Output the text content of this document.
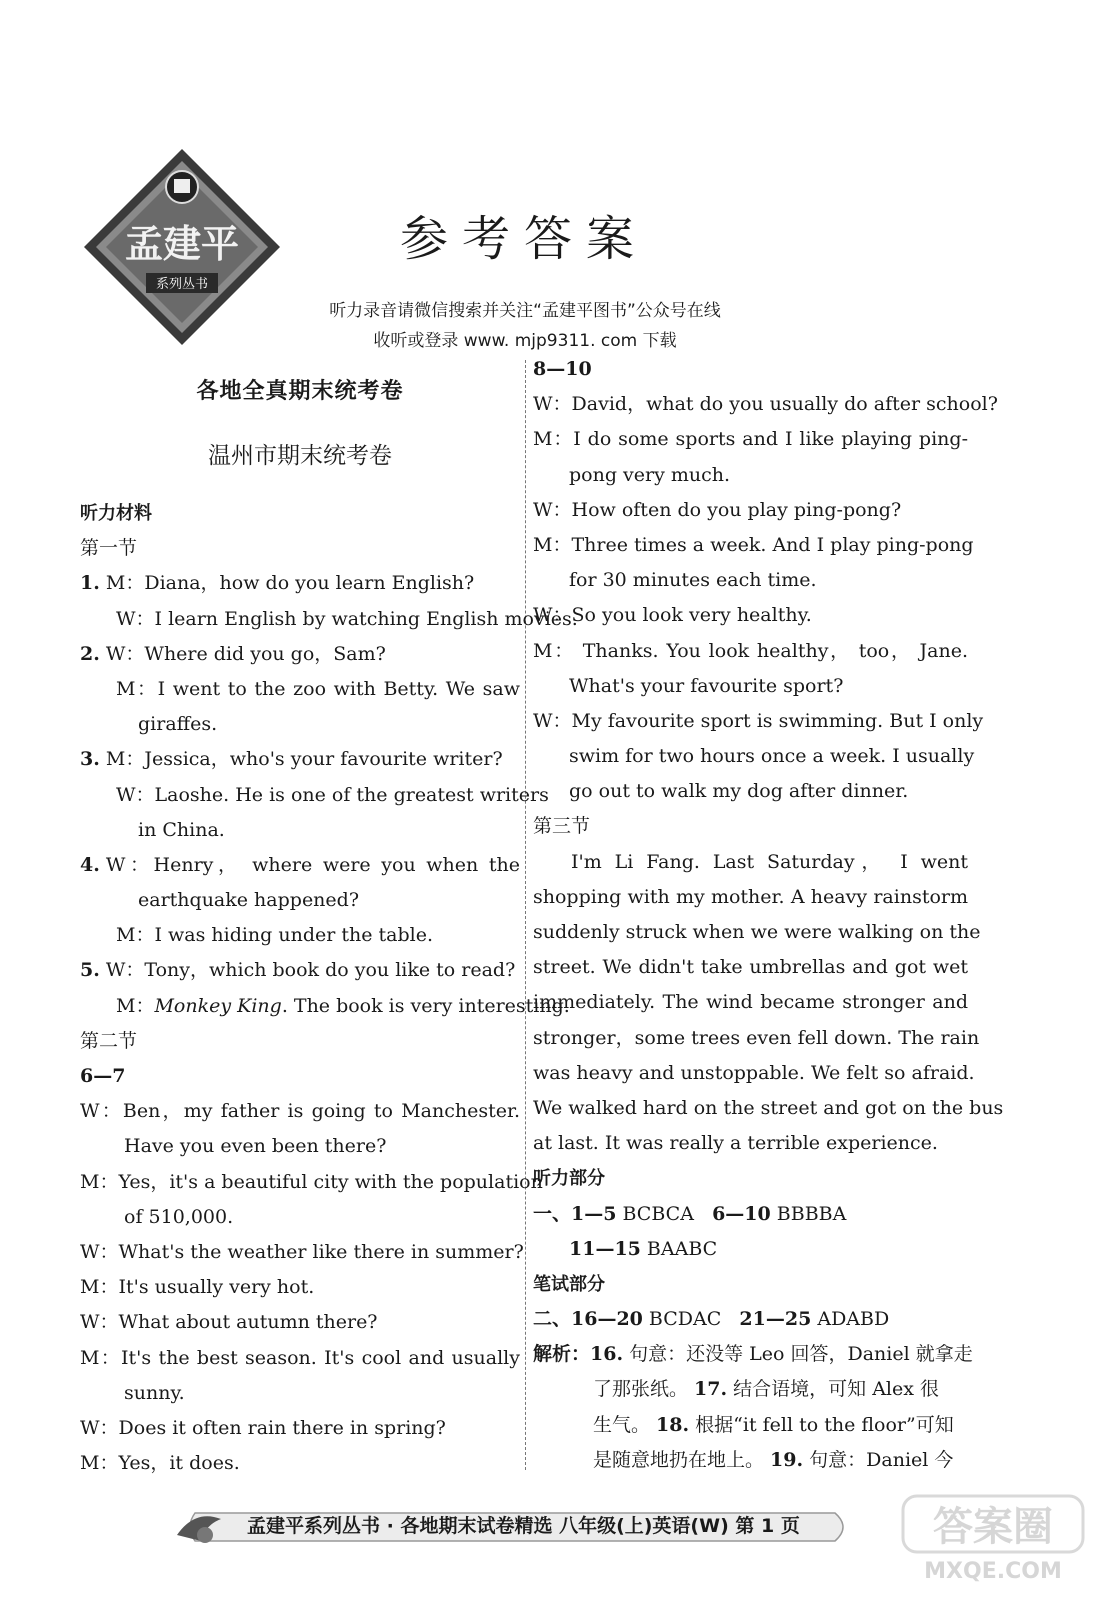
孟建平
系列丛书
参考答案
听力录音请微信搜索并关注“孟建平图书”公众号在线
收听或登录 www. mjp9311. com 下载
各地全真期末统考卷
温州市期末统考卷
听力材料
第一节
1. M：Diana，how do you learn English?
W：I learn English by watching English movies.
2. W：Where did you go，Sam?
M：I went to the zoo with Betty. We saw
giraffes.
3. M：Jessica，who's your favourite writer?
W：Laoshe. He is one of the greatest writers
in China.
4.
W：Henry， where were you when the
earthquake happened?
M：I was hiding under the table.
5. W：Tony，which book do you like to read?
M：Monkey King. The book is very interesting.
第二节
6—7
W：Ben，my father is going to Manchester.
Have you even been there?
M：Yes，it's a beautiful city with the population
of 510,000.
W：What's the weather like there in summer?
M：It's usually very hot.
W：What about autumn there?
M：It's the best season. It's cool and usually
sunny.
W：Does it often rain there in spring?
M：Yes，it does.
8—10
W：David，what do you usually do after school?
M：I do some sports and I like playing ping-
pong very much.
W：How often do you play ping-pong?
M：Three times a week. And I play ping-pong
for 30 minutes each time.
W：So you look very healthy.
M： Thanks. You look healthy， too， Jane.
What's your favourite sport?
W：My favourite sport is swimming. But I only
swim for two hours once a week. I usually
go out to walk my dog after dinner.
第三节
I'm Li Fang. Last Saturday， I went
shopping with my mother. A heavy rainstorm
suddenly struck when we were walking on the
street. We didn't take umbrellas and got wet
immediately. The wind became stronger and
stronger，some trees even fell down. The rain
was heavy and unstoppable. We felt so afraid.
We walked hard on the street and got on the bus
at last. It was really a terrible experience.
听力部分
一、1—5 BCBCA   6—10 BBBBA
11—15 BAABC
笔试部分
二、16—20 BCDAC   21—25 ADABD
解析：16. 句意：还没等 Leo 回答，Daniel 就拿走
了那张纸。 17. 结合语境，可知 Alex 很
生气。 18. 根据“it fell to the floor”可知
是随意地扔在地上。 19. 句意：Daniel 今
孟建平系列丛书 · 各地期末试卷精选 八年级(上)英语(W) 第 1 页	答案圈
MXQE.COM
